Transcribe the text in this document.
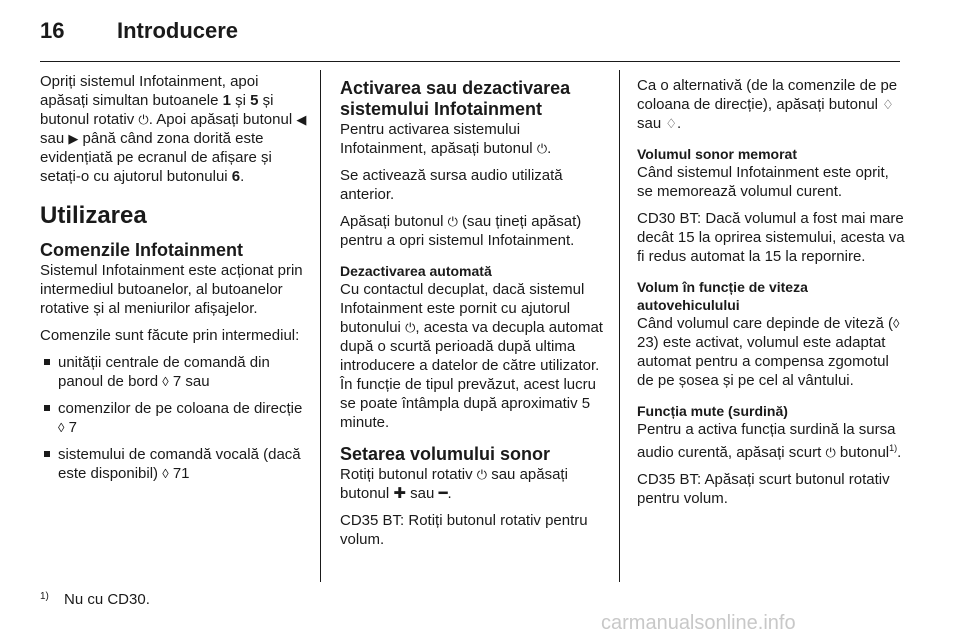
16 Introducere

Opriți sistemul Infotainment, apoi apăsați simultan butoanele 1 și 5 și butonul rotativ ⏻. Apoi apăsați butonul ◀ sau ▶ până când zona dorită este evidențiată pe ecranul de afișare și setați-o cu ajutorul butonului 6.

Utilizarea
Comenzile Infotainment

Sistemul Infotainment este acționat prin intermediul butoanelor, al butoanelor rotative și al meniurilor afișajelor.

Comenzile sunt făcute prin intermediul:

unității centrale de comandă din panoul de bord ◊ 7 sau
comenzilor de pe coloana de direcție ◊ 7
sistemului de comandă vocală (dacă este disponibil) ◊ 71
Activarea sau dezactivarea sistemului Infotainment

Pentru activarea sistemului Infotainment, apăsați butonul ⏻.

Se activează sursa audio utilizată anterior.

Apăsați butonul ⏻ (sau țineți apăsat) pentru a opri sistemul Infotainment.

Dezactivarea automată

Cu contactul decuplat, dacă sistemul Infotainment este pornit cu ajutorul butonului ⏻, acesta va decupla automat după o scurtă perioadă după ultima introducere a datelor de către utilizator. În funcție de tipul prevăzut, acest lucru se poate întâmpla după aproximativ 5 minute.

Setarea volumului sonor

Rotiți butonul rotativ ⏻ sau apăsați butonul ✚ sau ━.

CD35 BT: Rotiți butonul rotativ pentru volum.

Ca o alternativă (de la comenzile de pe coloana de direcție), apăsați butonul ♢ sau ♢.

Volumul sonor memorat

Când sistemul Infotainment este oprit, se memorează volumul curent.

CD30 BT: Dacă volumul a fost mai mare decât 15 la oprirea sistemului, acesta va fi redus automat la 15 la repornire.

Volum în funcție de viteza autovehiculului

Când volumul care depinde de viteză (◊ 23) este activat, volumul este adaptat automat pentru a compensa zgomotul de pe șosea și pe cel al vântului.

Funcția mute (surdină)

Pentru a activa funcția surdină la sursa audio curentă, apăsați scurt ⏻ butonul$^{1)}$.

CD35 BT: Apăsați scurt butonul rotativ pentru volum.

1) Nu cu CD30.
carmanualsonline.info
